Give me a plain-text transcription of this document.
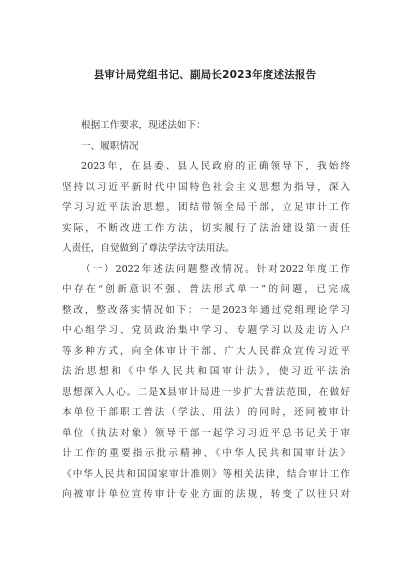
县审计局党组书记、副局长2023年度述法报告
根据工作要求，现述法如下：
一、履职情况
2023年，在县委、县人民政府的正确领导下，我始终
坚持以习近平新时代中国特色社会主义思想为指导，深入
学习习近平法治思想，团结带领全局干部，立足审计工作
实际，不断改进工作方法，切实履行了法治建设第一责任
人责任，自觉做到了尊法学法守法用法。
（一）2022年述法问题整改情况。针对2022年度工作
中存在“创新意识不强、普法形式单一”的问题，已完成
整改，整改落实情况如下：一是2023年通过党组理论学习
中心组学习、党员政治集中学习、专题学习以及走访入户
等多种方式，向全体审计干部、广大人民群众宣传习近平
法治思想和《中华人民共和国审计法》，使习近平法治
思想深入人心。二是X县审计局进一步扩大普法范围，在做好
本单位干部职工普法（学法、用法）的同时，还同被审计
单位（执法对象）领导干部一起学习习近平总书记关于审
计工作的重要指示批示精神、《中华人民共和国审计法》
《中华人民共和国国家审计准则》等相关法律，结合审计工作
向被审计单位宣传审计专业方面的法规，转变了以往只对
